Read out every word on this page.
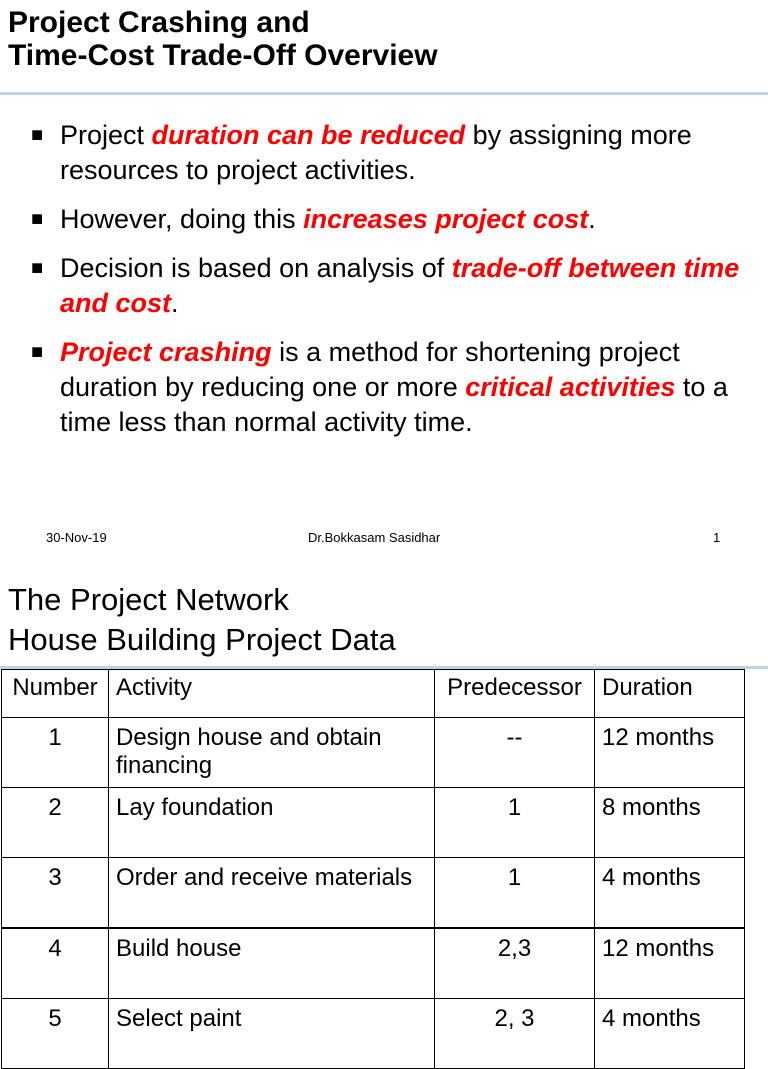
Project Crashing and
Time-Cost Trade-Off Overview
■ Project duration can be reduced by assigning more resources to project activities.
■ However, doing this increases project cost.
■ Decision is based on analysis of trade-off between time and cost.
■ Project crashing is a method for shortening project duration by reducing one or more critical activities to a time less than normal activity time.
30-Nov-19	Dr.Bokkasam Sasidhar	1
The Project Network
House Building Project Data
Number	Activity	Predecessor	Duration
1	Design house and obtain financing	--	12 months
2	Lay foundation	1	8 months
3	Order and receive materials	1	4 months
4	Build house	2,3	12 months
5	Select paint	2, 3	4 months
